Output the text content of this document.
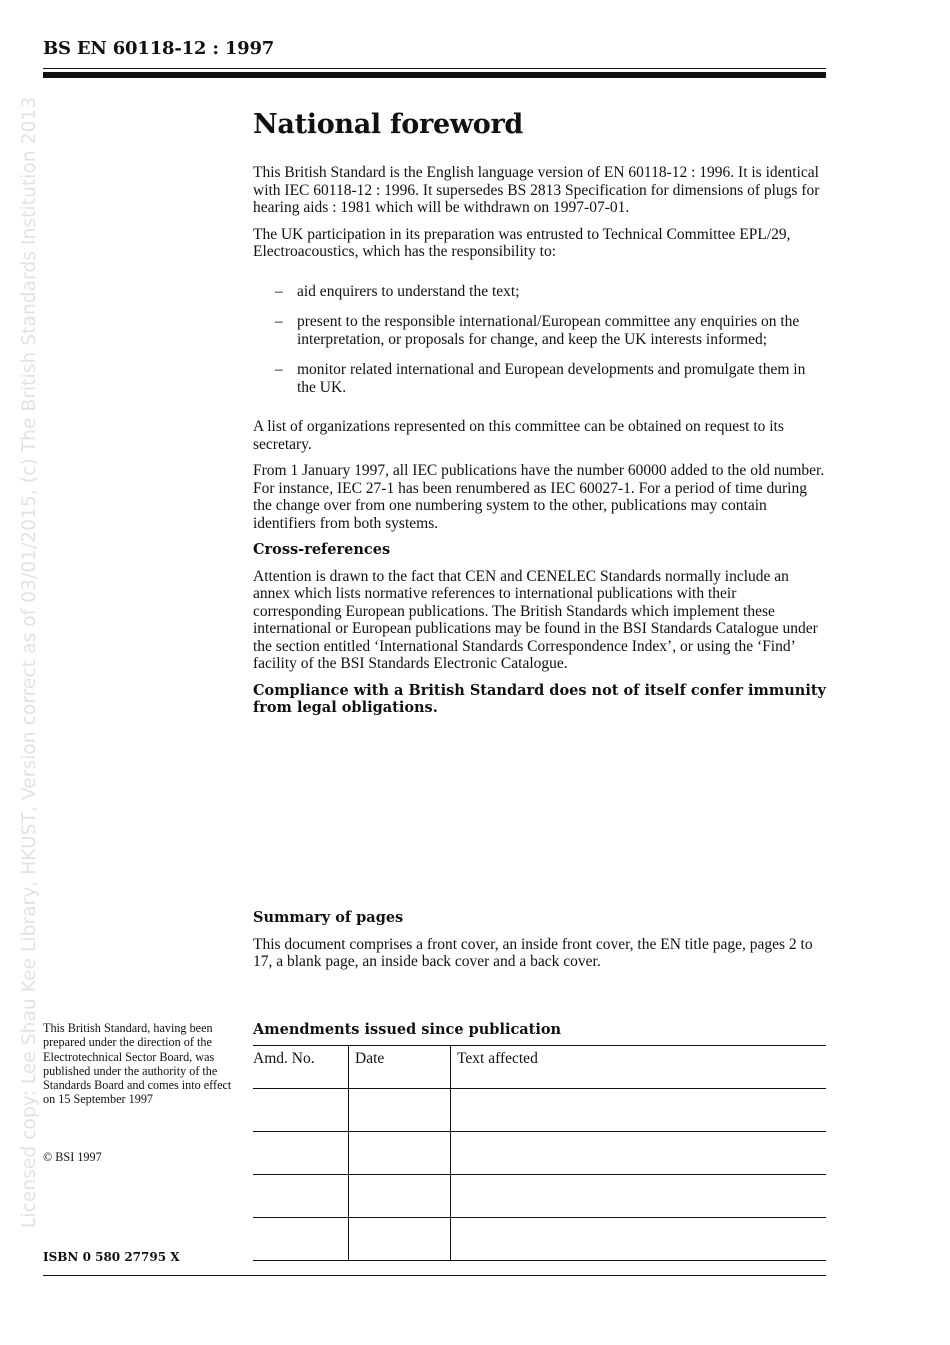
BS EN 60118-12 : 1997
Licensed copy: Lee Shau Kee Library, HKUST, Version correct as of 03/01/2015, (c) The British Standards Institution 2013	National foreword

This British Standard is the English language version of EN 60118-12 : 1996. It is identical with IEC 60118-12 : 1996. It supersedes BS 2813 Specification for dimensions of plugs for hearing aids : 1981 which will be withdrawn on 1997-07-01.

The UK participation in its preparation was entrusted to Technical Committee EPL/29, Electroacoustics, which has the responsibility to:

– aid enquirers to understand the text;
– present to the responsible international/European committee any enquiries on the interpretation, or proposals for change, and keep the UK interests informed;
– monitor related international and European developments and promulgate them in the UK.

A list of organizations represented on this committee can be obtained on request to its secretary.

From 1 January 1997, all IEC publications have the number 60000 added to the old number. For instance, IEC 27-1 has been renumbered as IEC 60027-1. For a period of time during the change over from one numbering system to the other, publications may contain identifiers from both systems.

Cross-references

Attention is drawn to the fact that CEN and CENELEC Standards normally include an annex which lists normative references to international publications with their corresponding European publications. The British Standards which implement these international or European publications may be found in the BSI Standards Catalogue under the section entitled ‘International Standards Correspondence Index’, or using the ‘Find’ facility of the BSI Standards Electronic Catalogue.

Compliance with a British Standard does not of itself confer immunity from legal obligations.

Summary of pages

This document comprises a front cover, an inside front cover, the EN title page, pages 2 to 17, a blank page, an inside back cover and a back cover.

This British Standard, having been prepared under the direction of the Electrotechnical Sector Board, was published under the authority of the Standards Board and comes into effect on 15 September 1997
© BSI 1997
ISBN 0 580 27795 X
Amendments issued since publication
Amd. No.	Date	Text affected
